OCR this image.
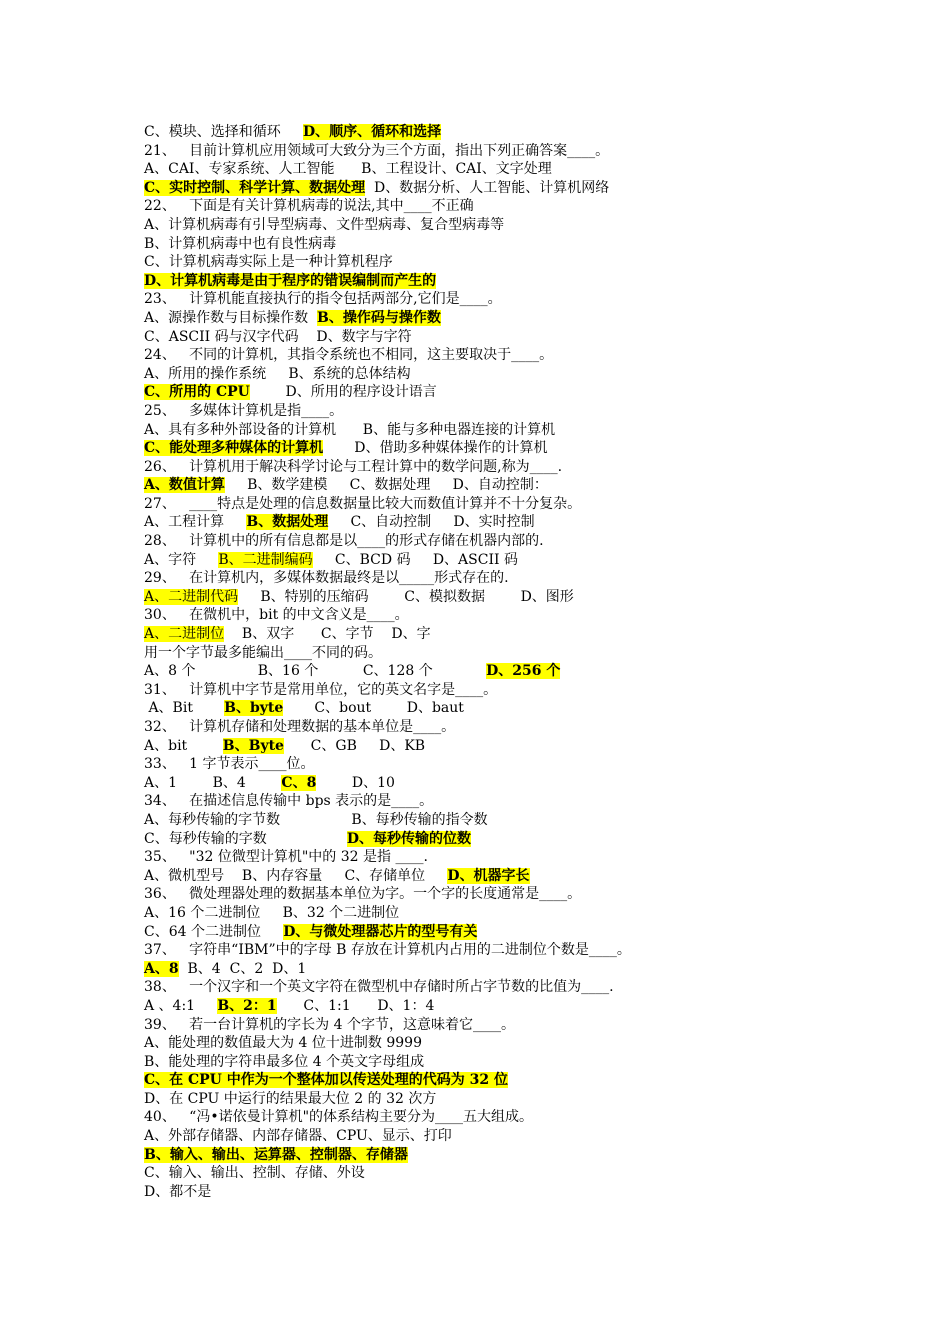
C、模块、选择和循环     D、顺序、循环和选择
21、   目前计算机应用领域可大致分为三个方面，指出下列正确答案____。
A、CAI、专家系统、人工智能      B、工程设计、CAI、文字处理
C、实时控制、科学计算、数据处理  D、数据分析、人工智能、计算机网络
22、   下面是有关计算机病毒的说法,其中____不正确
A、计算机病毒有引导型病毒、文件型病毒、复合型病毒等
B、计算机病毒中也有良性病毒
C、计算机病毒实际上是一种计算机程序
D、计算机病毒是由于程序的错误编制而产生的
23、   计算机能直接执行的指令包括两部分,它们是____。
A、源操作数与目标操作数  B、操作码与操作数
C、ASCII 码与汉字代码    D、数字与字符
24、   不同的计算机，其指令系统也不相同，这主要取决于____。
A、所用的操作系统     B、系统的总体结构
C、所用的 CPU        D、所用的程序设计语言
25、   多媒体计算机是指____。
A、具有多种外部设备的计算机      B、能与多种电器连接的计算机
C、能处理多种媒体的计算机       D、借助多种媒体操作的计算机
26、   计算机用于解决科学讨论与工程计算中的数学问题,称为____.
A、数值计算     B、数学建模     C、数据处理     D、自动控制：
27、   ____特点是处理的信息数据量比较大而数值计算并不十分复杂。
A、工程计算     B、数据处理     C、自动控制     D、实时控制
28、   计算机中的所有信息都是以____的形式存储在机器内部的.
A、字符     B、二进制编码     C、BCD 码     D、ASCII 码
29、   在计算机内，多媒体数据最终是以_____形式存在的.
A、二进制代码     B、特别的压缩码        C、模拟数据        D、图形
30、   在微机中，bit 的中文含义是____。
A、二进制位    B、双字      C、字节    D、字
用一个字节最多能编出____不同的码。
A、8 个              B、16 个          C、128 个            D、256 个
31、   计算机中字节是常用单位，它的英文名字是____。
A、Bit       B、byte       C、bout        D、baut
32、   计算机存储和处理数据的基本单位是____。
A、bit        B、Byte      C、GB     D、KB
33、   1 字节表示____位。
A、1        B、4        C、8        D、10
34、   在描述信息传输中 bps 表示的是____。
A、每秒传输的字节数                B、每秒传输的指令数
C、每秒传输的字数                  D、每秒传输的位数
35、   "32 位微型计算机"中的 32 是指 ____.
A、微机型号    B、内存容量     C、存储单位     D、机器字长
36、   微处理器处理的数据基本单位为字。一个字的长度通常是____。
A、16 个二进制位     B、32 个二进制位
C、64 个二进制位     D、与微处理器芯片的型号有关
37、   字符串“IBM”中的字母 B 存放在计算机内占用的二进制位个数是____。
A、8  B、4  C、2  D、1
38、   一个汉字和一个英文字符在微型机中存储时所占字节数的比值为____.
A 、4:1     B、2：1      C、1:1      D、1：4
39、   若一台计算机的字长为 4 个字节，这意味着它____。
A、能处理的数值最大为 4 位十进制数 9999
B、能处理的字符串最多位 4 个英文字母组成
C、在 CPU 中作为一个整体加以传送处理的代码为 32 位
D、在 CPU 中运行的结果最大位 2 的 32 次方
40、   “冯•诺依曼计算机"的体系结构主要分为____五大组成。
A、外部存储器、内部存储器、CPU、显示、打印
B、输入、输出、运算器、控制器、存储器
C、输入、输出、控制、存储、外设
D、都不是
